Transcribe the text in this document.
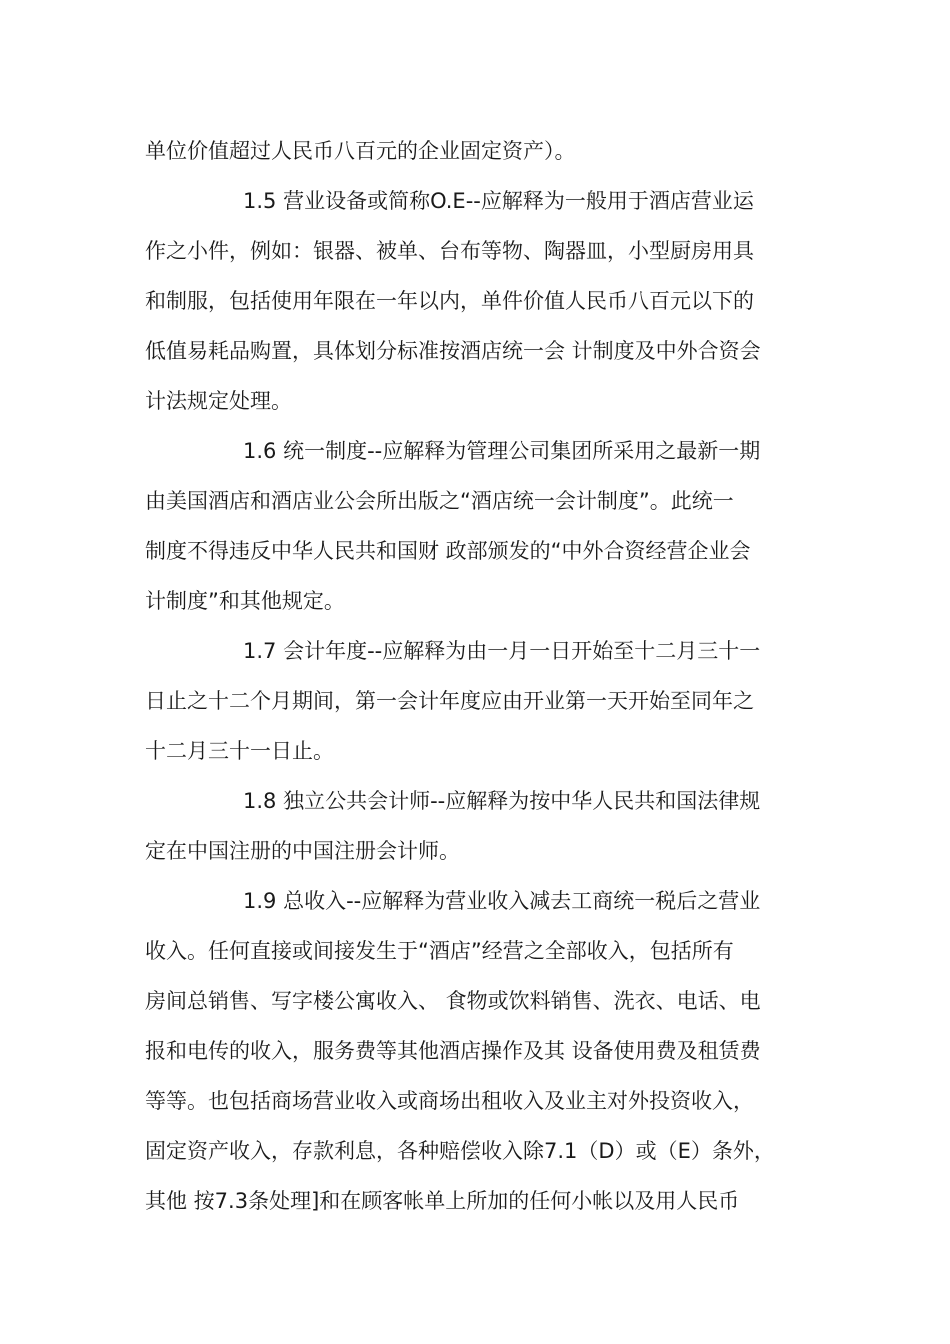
单位价值超过人民币八百元的企业固定资产）。
1.5 营业设备或简称O.E--应解释为一般用于酒店营业运
作之小件，例如：银器、被单、台布等物、陶器皿，小型厨房用具
和制服，包括使用年限在一年以内，单件价值人民币八百元以下的
低值易耗品购置，具体划分标准按酒店统一会 计制度及中外合资会
计法规定处理。
1.6 统一制度--应解释为管理公司集团所采用之最新一期
由美国酒店和酒店业公会所出版之“酒店统一会计制度”。此统一
制度不得违反中华人民共和国财 政部颁发的“中外合资经营企业会
计制度”和其他规定。
1.7 会计年度--应解释为由一月一日开始至十二月三十一
日止之十二个月期间，第一会计年度应由开业第一天开始至同年之
十二月三十一日止。
1.8 独立公共会计师--应解释为按中华人民共和国法律规
定在中国注册的中国注册会计师。
1.9 总收入--应解释为营业收入减去工商统一税后之营业
收入。任何直接或间接发生于“酒店”经营之全部收入，包括所有
房间总销售、写字楼公寓收入、 食物或饮料销售、洗衣、电话、电
报和电传的收入，服务费等其他酒店操作及其 设备使用费及租赁费
等等。也包括商场营业收入或商场出租收入及业主对外投资收入，
固定资产收入，存款利息，各种赔偿收入除7.1（D）或（E）条外，
其他 按7.3条处理]和在顾客帐单上所加的任何小帐以及用人民币
